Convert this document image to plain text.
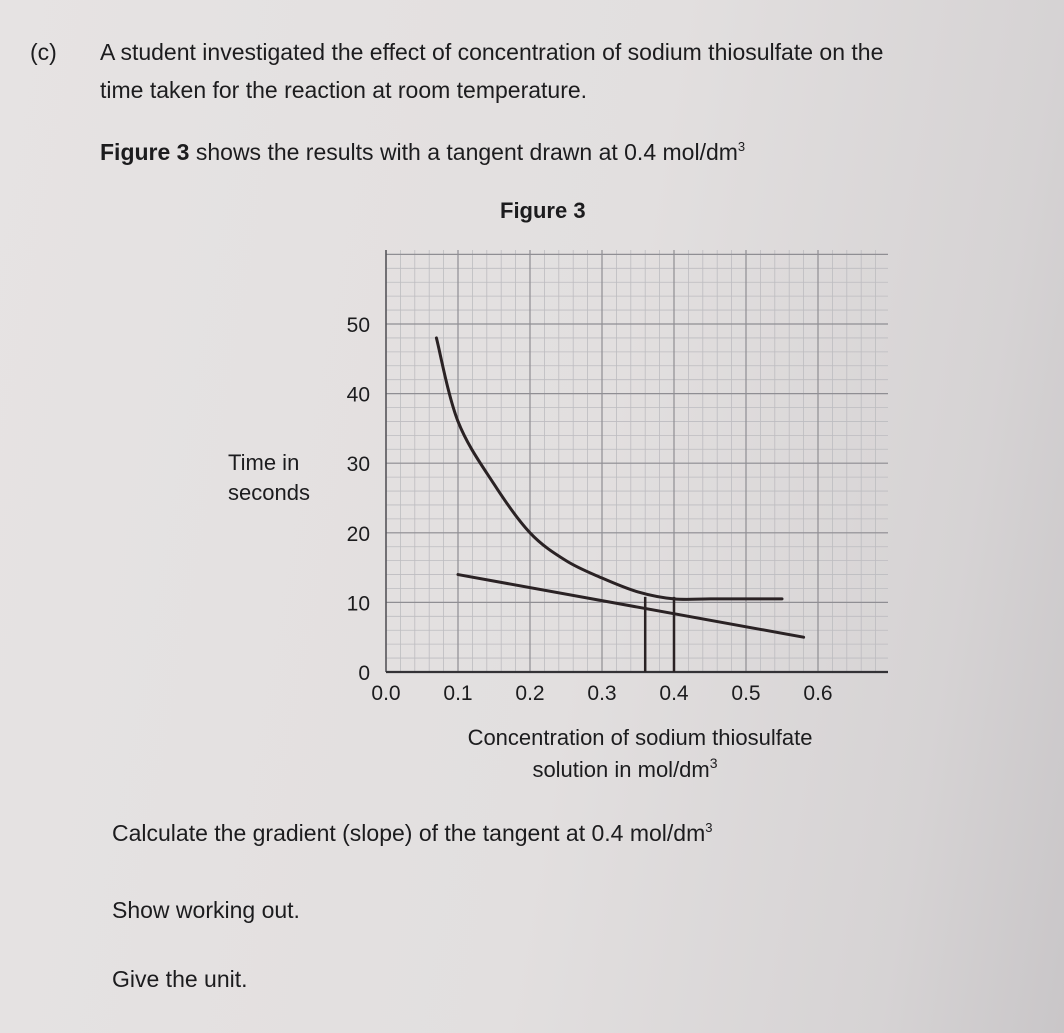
(c) A student investigated the effect of concentration of sodium thiosulfate on the
time taken for the reaction at room temperature.
Figure 3 shows the results with a tangent drawn at 0.4 mol/$dm^3$
Figure 3
0.0 0.1 0.2 0.3 0.4 0.5 0.6
0
10
20
30
40
50
Time in
seconds
Concentration of sodium thiosulfate
solution in mol/$dm^3$
Calculate the gradient (slope) of the tangent at 0.4 mol/$dm^3$
Show working out.
Give the unit.
